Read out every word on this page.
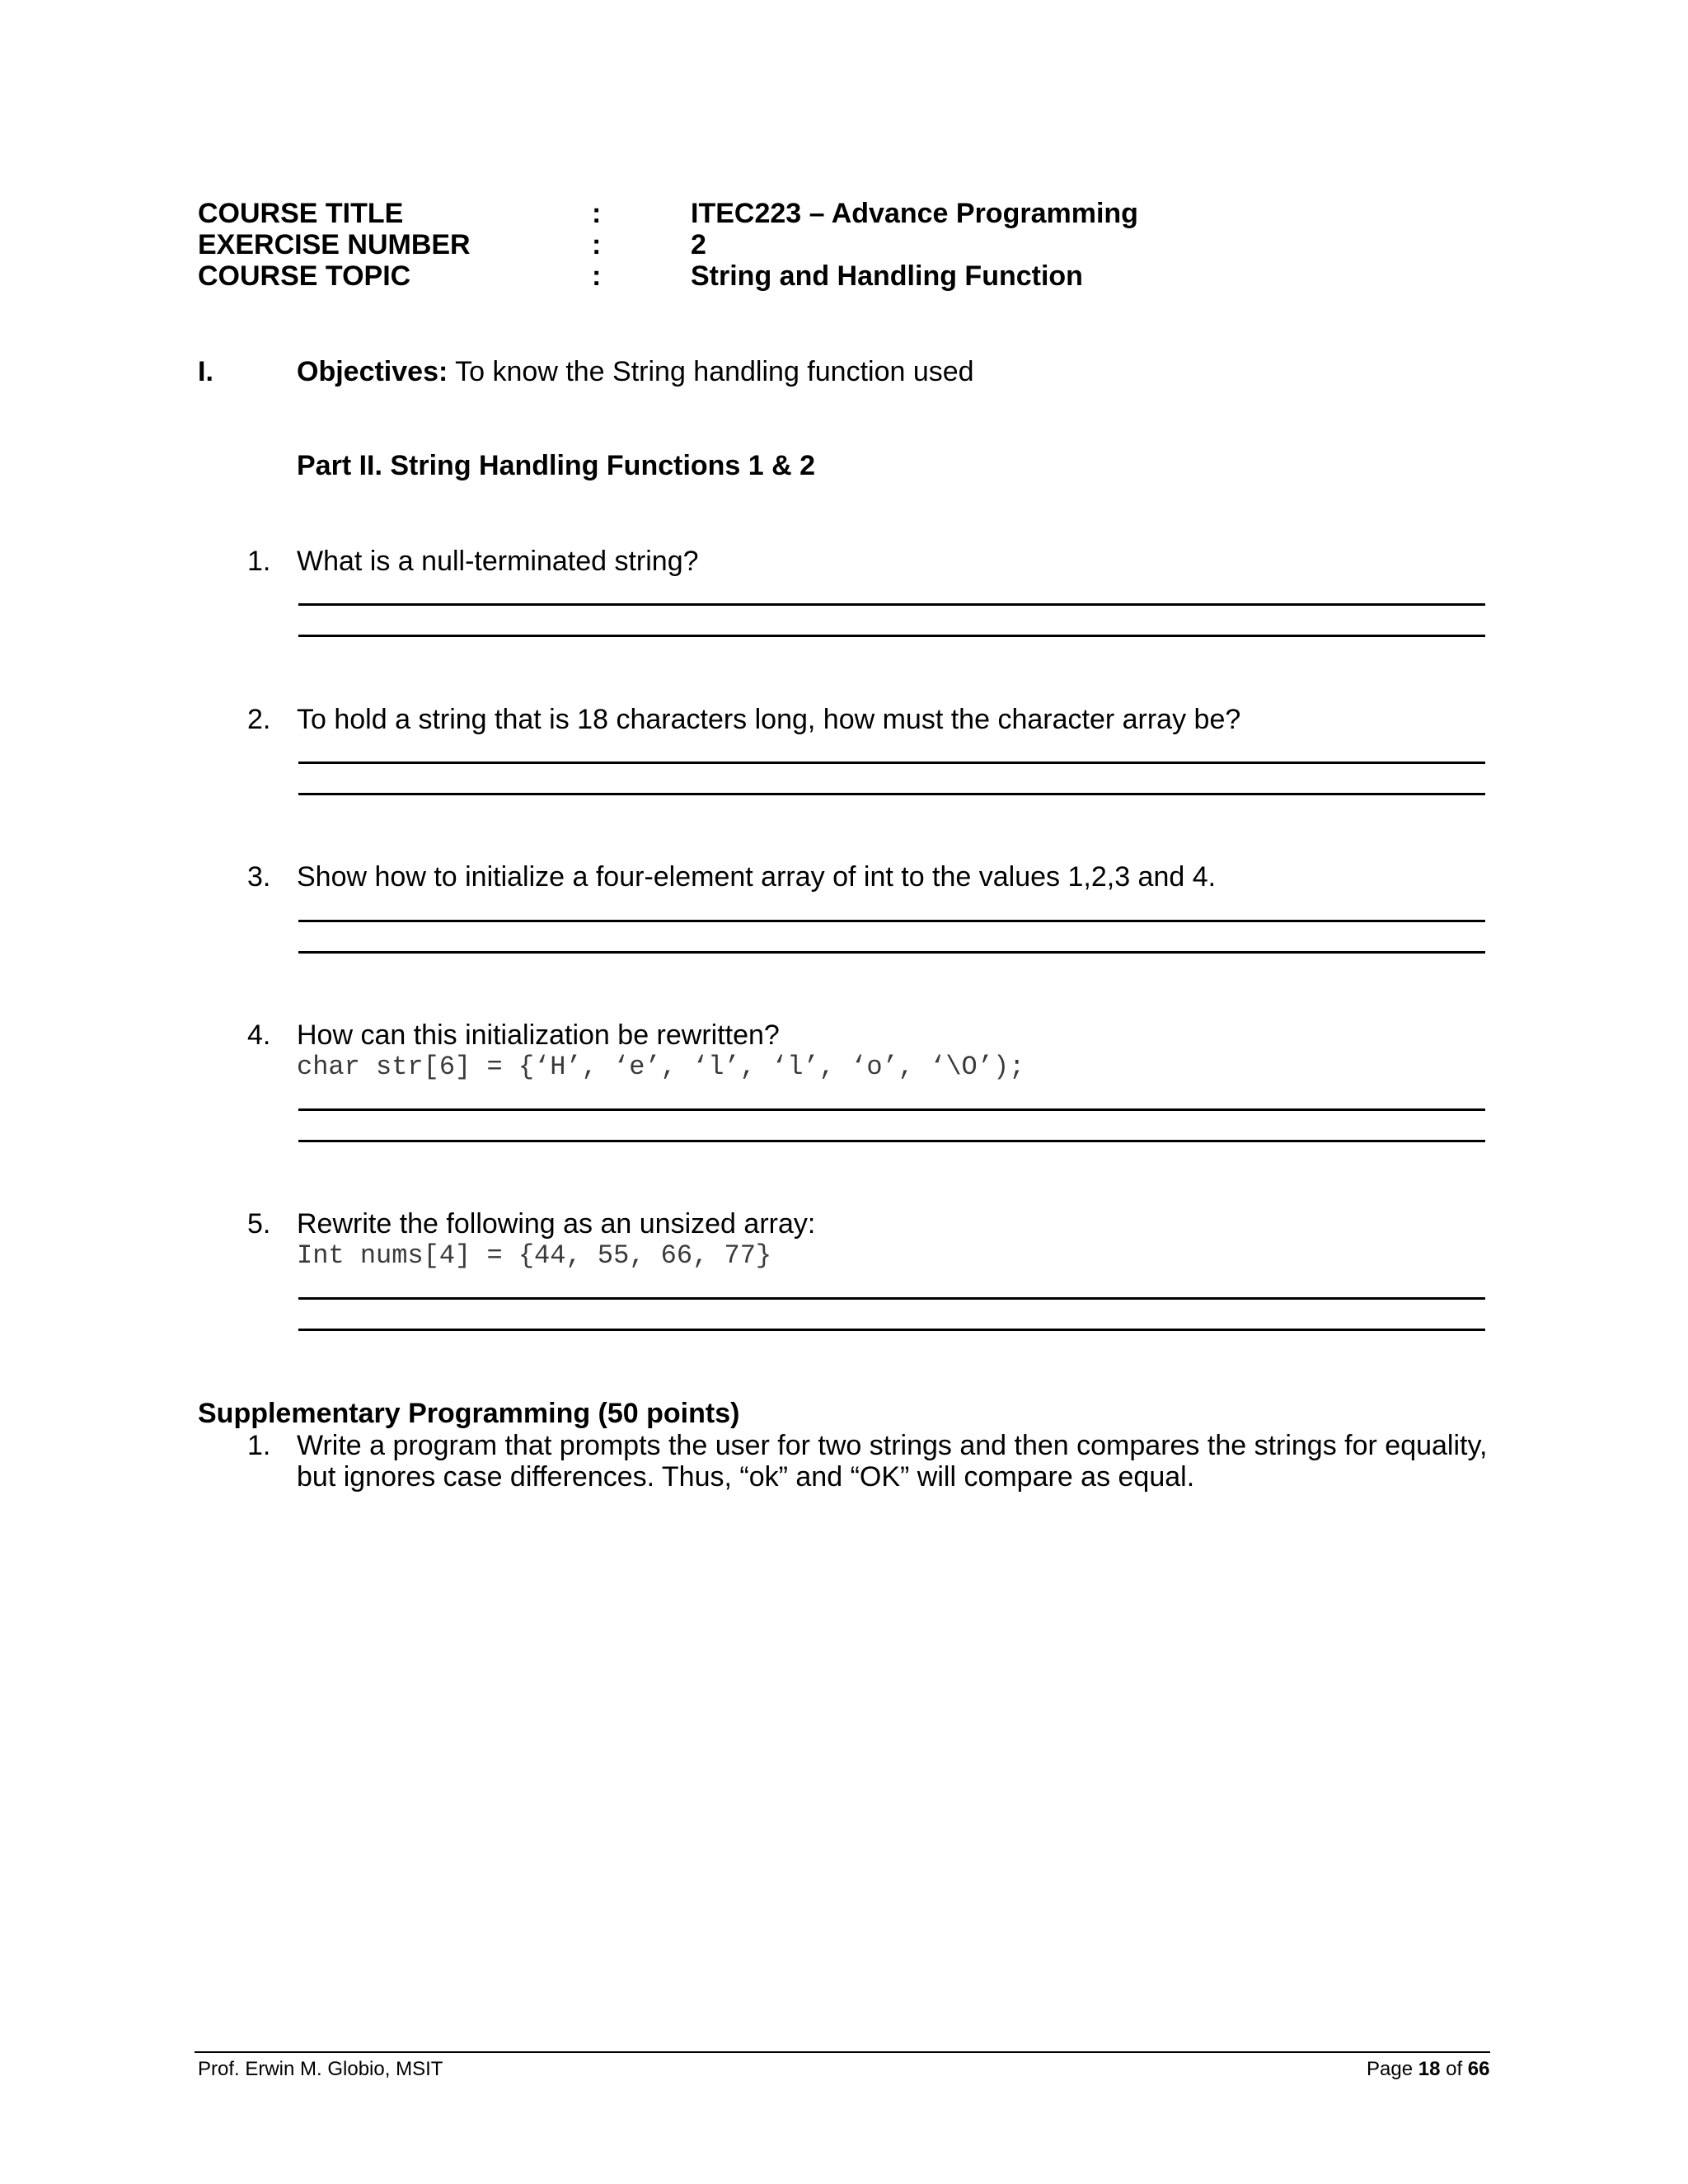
COURSE TITLE	:	ITEC223 – Advance Programming
EXERCISE NUMBER	:	2
COURSE TOPIC	:	String and Handling Function
I.	Objectives: To know the String handling function used
Part II. String Handling Functions 1 & 2
1. What is a null-terminated string?
2. To hold a string that is 18 characters long, how must the character array be?
3. Show how to initialize a four-element array of int to the values 1,2,3 and 4.
4. How can this initialization be rewritten?
char str[6] = {‘H’, ‘e’, ‘l’, ‘l’, ‘o’, ‘\O’);
5. Rewrite the following as an unsized array:
Int nums[4] = {44, 55, 66, 77}
Supplementary Programming (50 points)
1. Write a program that prompts the user for two strings and then compares the strings for equality,
but ignores case differences. Thus, “ok” and “OK” will compare as equal.
Prof. Erwin M. Globio, MSIT	Page 18 of 66
